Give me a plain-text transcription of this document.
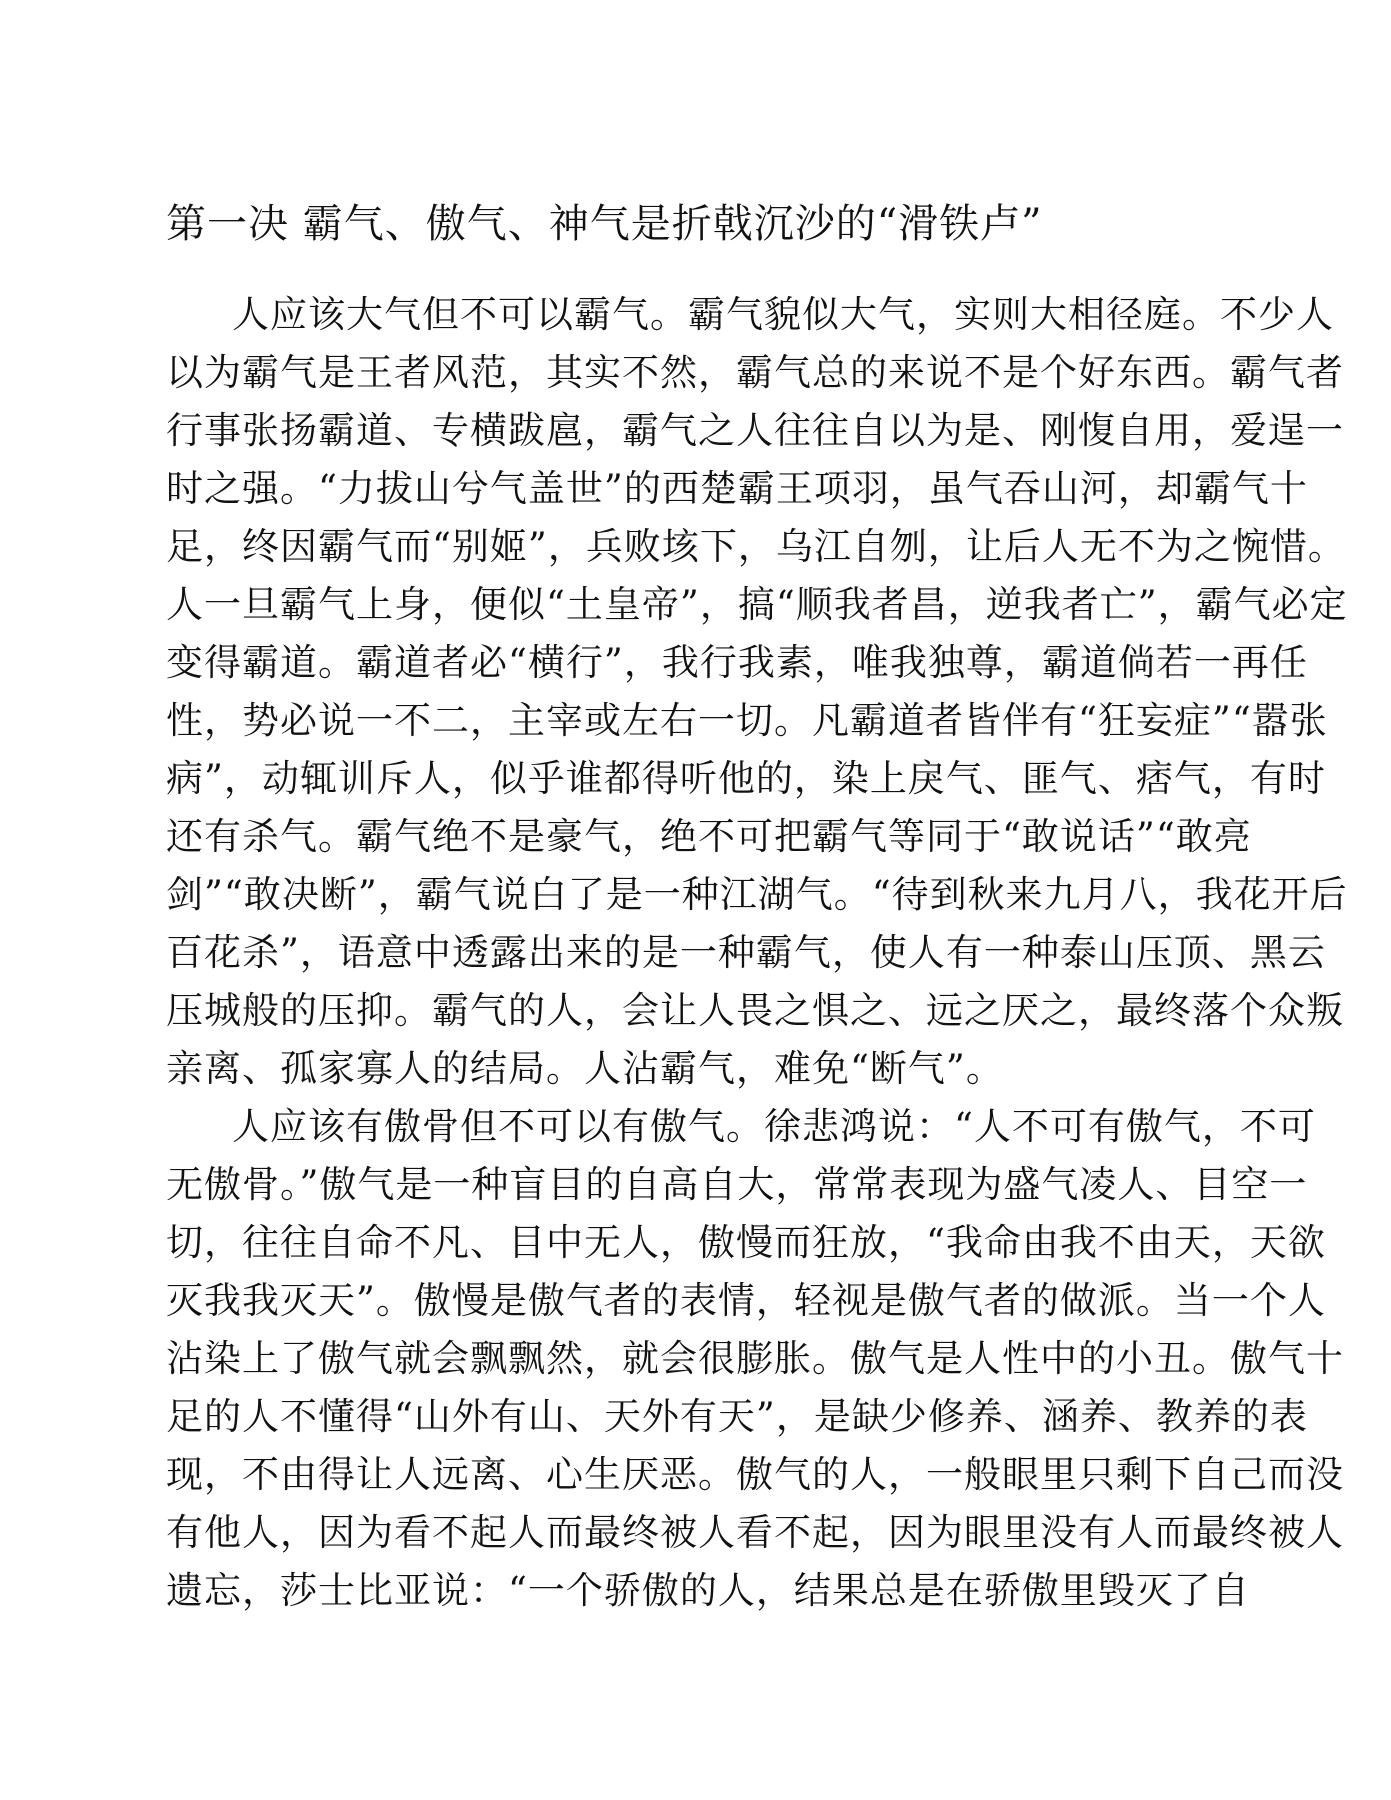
第一决 霸气、傲气、神气是折戟沉沙的“滑铁卢”
人应该大气但不可以霸气。霸气貌似大气，实则大相径庭。不少人
以为霸气是王者风范，其实不然，霸气总的来说不是个好东西。霸气者
行事张扬霸道、专横跋扈，霸气之人往往自以为是、刚愎自用，爱逞一
时之强。“力拔山兮气盖世”的西楚霸王项羽，虽气吞山河，却霸气十
足，终因霸气而“别姬”，兵败垓下，乌江自刎，让后人无不为之惋惜。
人一旦霸气上身，便似“土皇帝”，搞“顺我者昌，逆我者亡”，霸气必定
变得霸道。霸道者必“横行”，我行我素，唯我独尊，霸道倘若一再任
性，势必说一不二，主宰或左右一切。凡霸道者皆伴有“狂妄症”“嚣张
病”，动辄训斥人，似乎谁都得听他的，染上戾气、匪气、痞气，有时
还有杀气。霸气绝不是豪气，绝不可把霸气等同于“敢说话”“敢亮
剑”“敢决断”，霸气说白了是一种江湖气。“待到秋来九月八，我花开后
百花杀”，语意中透露出来的是一种霸气，使人有一种泰山压顶、黑云
压城般的压抑。霸气的人，会让人畏之惧之、远之厌之，最终落个众叛
亲离、孤家寡人的结局。人沾霸气，难免“断气”。
人应该有傲骨但不可以有傲气。徐悲鸿说：“人不可有傲气，不可
无傲骨。”傲气是一种盲目的自高自大，常常表现为盛气凌人、目空一
切，往往自命不凡、目中无人，傲慢而狂放，“我命由我不由天，天欲
灭我我灭天”。傲慢是傲气者的表情，轻视是傲气者的做派。当一个人
沾染上了傲气就会飘飘然，就会很膨胀。傲气是人性中的小丑。傲气十
足的人不懂得“山外有山、天外有天”，是缺少修养、涵养、教养的表
现，不由得让人远离、心生厌恶。傲气的人，一般眼里只剩下自己而没
有他人，因为看不起人而最终被人看不起，因为眼里没有人而最终被人
遗忘，莎士比亚说：“一个骄傲的人，结果总是在骄傲里毁灭了自
